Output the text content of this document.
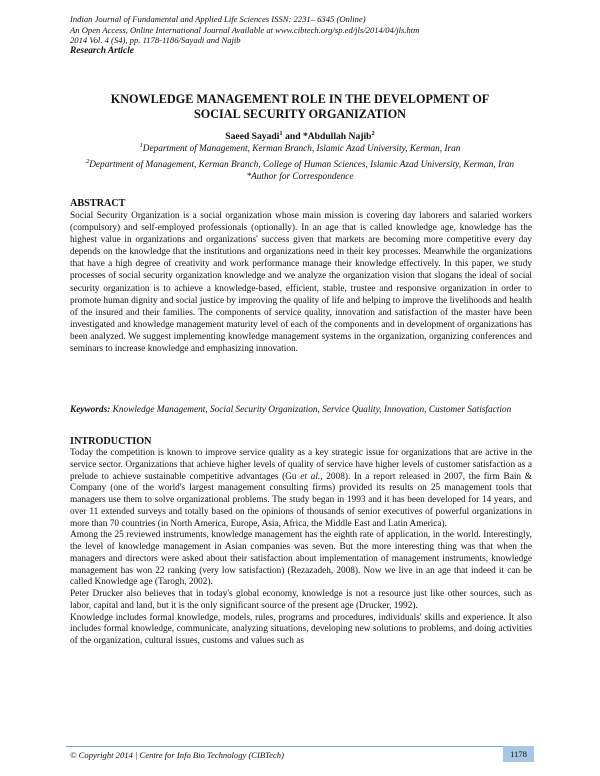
Indian Journal of Fundamental and Applied Life Sciences ISSN: 2231– 6345 (Online)
An Open Access, Online International Journal Available at www.cibtech.org/sp.ed/jls/2014/04/jls.htm
2014 Vol. 4 (S4), pp. 1178-1186/Sayadi and Najib
Research Article
KNOWLEDGE MANAGEMENT ROLE IN THE DEVELOPMENT OF
SOCIAL SECURITY ORGANIZATION
Saeed Sayadi$^1$ and *Abdullah Najib$^2$
$^1$Department of Management, Kerman Branch, Islamic Azad University, Kerman, Iran
$^2$Department of Management, Kerman Branch, College of Human Sciences, Islamic Azad University, Kerman, Iran
*Author for Correspondence
ABSTRACT
Social Security Organization is a social organization whose main mission is covering day laborers and salaried workers (compulsory) and self-employed professionals (optionally). In an age that is called knowledge age, knowledge has the highest value in organizations and organizations' success given that markets are becoming more competitive every day depends on the knowledge that the institutions and organizations need in their key processes. Meanwhile the organizations that have a high degree of creativity and work performance manage their knowledge effectively. In this paper, we study processes of social security organization knowledge and we analyze the organization vision that slogans the ideal of social security organization is to achieve a knowledge-based, efficient, stable, trustee and responsive organization in order to promote human dignity and social justice by improving the quality of life and helping to improve the livelihoods and health of the insured and their families. The components of service quality, innovation and satisfaction of the master have been investigated and knowledge management maturity level of each of the components and in development of organizations has been analyzed. We suggest implementing knowledge management systems in the organization, organizing conferences and seminars to increase knowledge and emphasizing innovation.
Keywords: Knowledge Management, Social Security Organization, Service Quality, Innovation, Customer Satisfaction
INTRODUCTION

Today the competition is known to improve service quality as a key strategic issue for organizations that are active in the service sector. Organizations that achieve higher levels of quality of service have higher levels of customer satisfaction as a prelude to achieve sustainable competitive advantages (Gu et al., 2008). In a report released in 2007, the firm Bain & Company (one of the world's largest management consulting firms) provided its results on 25 management tools that managers use them to solve organizational problems. The study began in 1993 and it has been developed for 14 years, and over 11 extended surveys and totally based on the opinions of thousands of senior executives of powerful organizations in more than 70 countries (in North America, Europe, Asia, Africa, the Middle East and Latin America).

Among the 25 reviewed instruments, knowledge management has the eighth rate of application, in the world. Interestingly, the level of knowledge management in Asian companies was seven. But the more interesting thing was that when the managers and directors were asked about their satisfaction about implementation of management instruments, knowledge management has won 22 ranking (very low satisfaction) (Rezazadeh, 2008). Now we live in an age that indeed it can be called Knowledge age (Tarogh, 2002).

Peter Drucker also believes that in today's global economy, knowledge is not a resource just like other sources, such as labor, capital and land, but it is the only significant source of the present age (Drucker, 1992).

Knowledge includes formal knowledge, models, rules, programs and procedures, individuals' skills and experience. It also includes formal knowledge, communicate, analyzing situations, developing new solutions to problems, and doing activities of the organization, cultural issues, customs and values such as

© Copyright 2014 | Centre for Info Bio Technology (CIBTech)	1178
